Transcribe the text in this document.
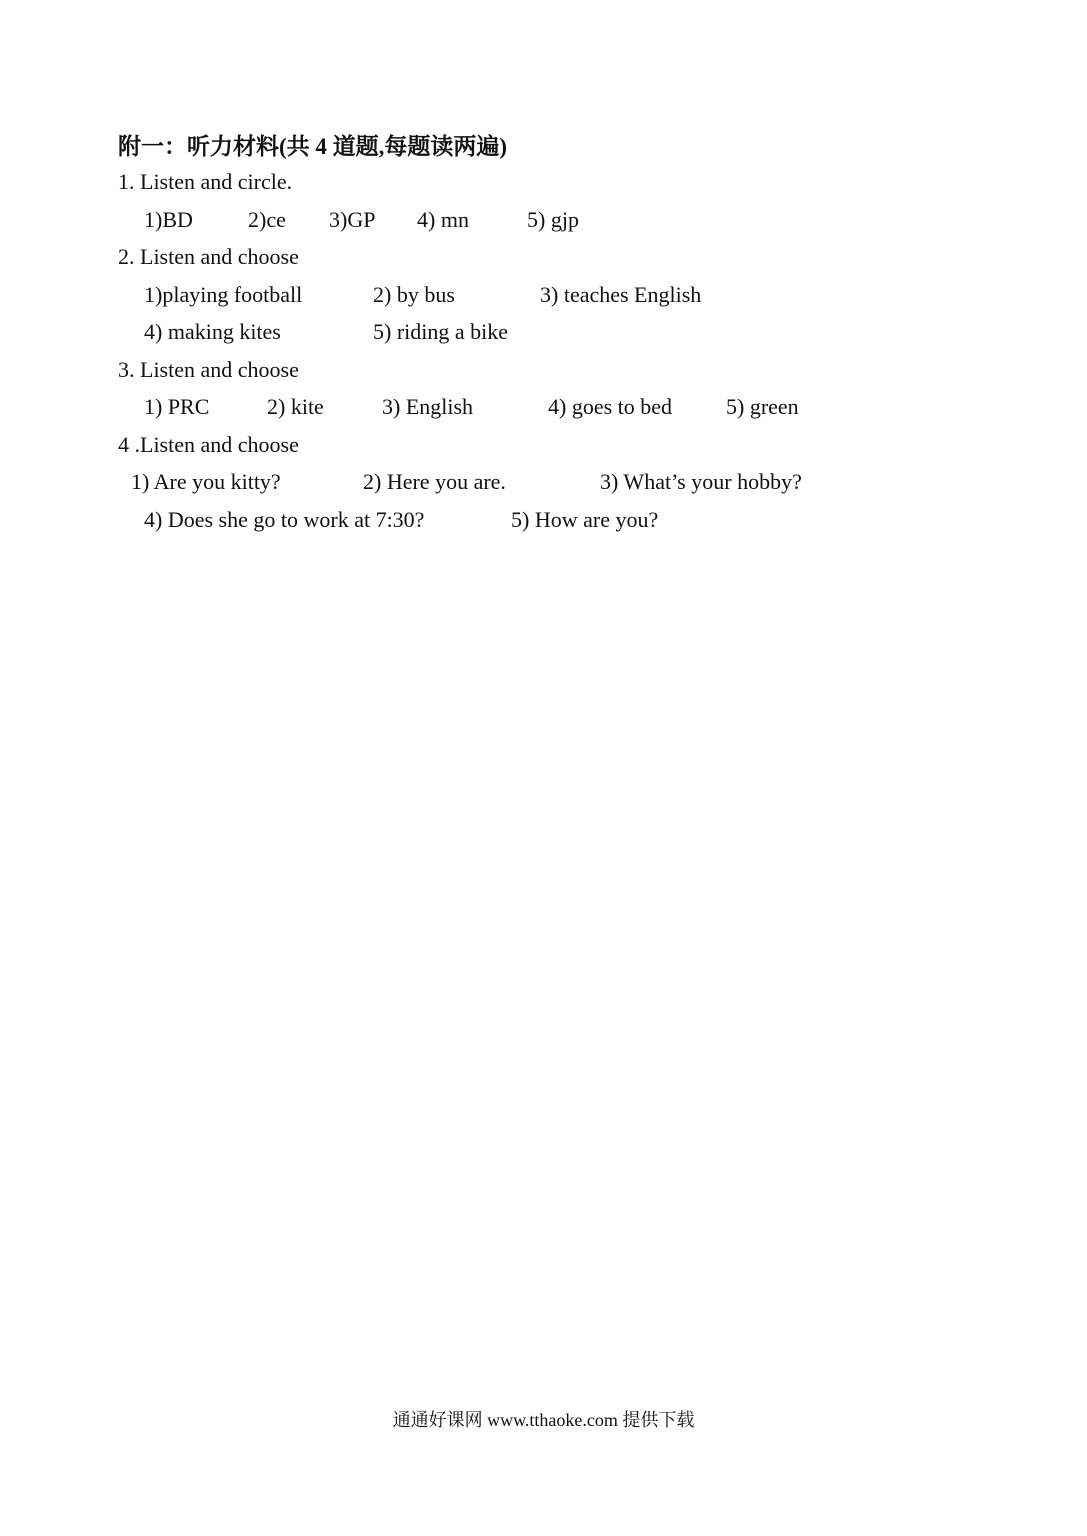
附一：听力材料(共 4 道题,每题读两遍)
1. Listen and circle.
1)BD	2)ce 3)GP 4) mn	5) gjp
2. Listen and choose
1)playing football	2) by bus	3) teaches English
4) making kites	5) riding a bike
3. Listen and choose
1) PRC	2) kite	3) English	4) goes to bed 5) green
4 .Listen and choose
1) Are you kitty?	2) Here you are.	3) What’s your hobby?
4) Does she go to work at 7:30?	5) How are you?
通通好课网 www.tthaoke.com 提供下载
